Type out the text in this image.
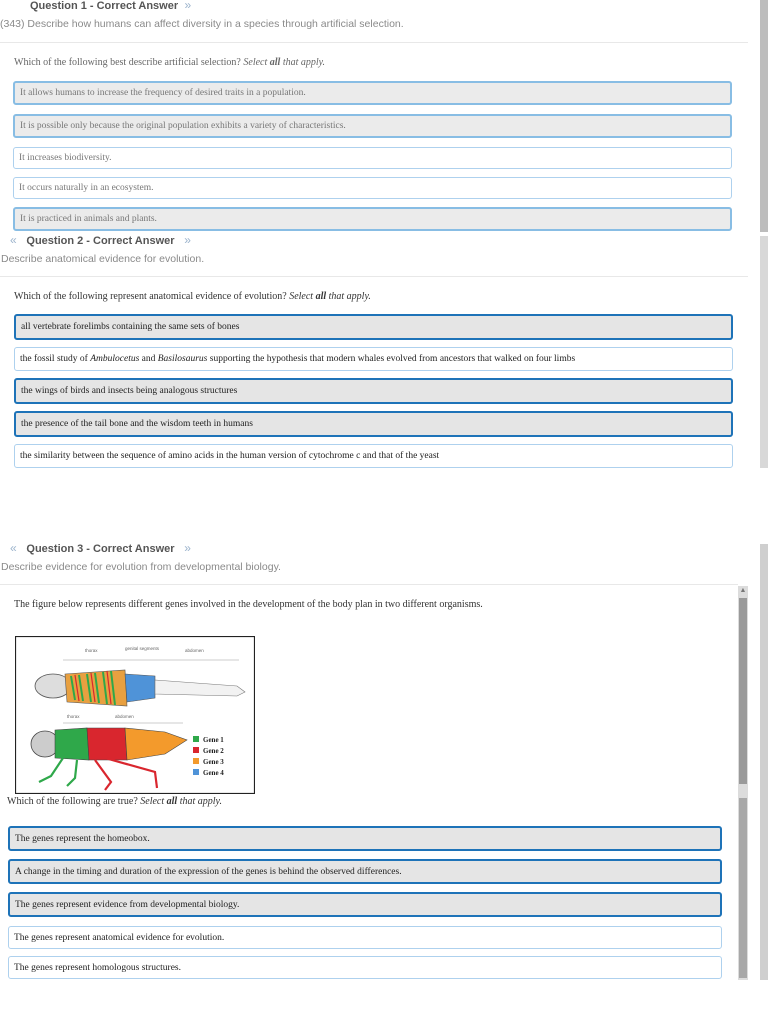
Question 1 - Correct Answer  »
(343) Describe how humans can affect diversity in a species through artificial selection.
Which of the following best describe artificial selection? Select all that apply.
It allows humans to increase the frequency of desired traits in a population.
It is possible only because the original population exhibits a variety of characteristics.
It increases biodiversity.
It occurs naturally in an ecosystem.
It is practiced in animals and plants.
«   Question 2 - Correct Answer   »
Describe anatomical evidence for evolution.
Which of the following represent anatomical evidence of evolution? Select all that apply.
all vertebrate forelimbs containing the same sets of bones
the fossil study of Ambulocetus and Basilosaurus supporting the hypothesis that modern whales evolved from ancestors that walked on four limbs
the wings of birds and insects being analogous structures
the presence of the tail bone and the wisdom teeth in humans
the similarity between the sequence of amino acids in the human version of cytochrome c and that of the yeast
«   Question 3 - Correct Answer   »
Describe evidence for evolution from developmental biology.
The figure below represents different genes involved in the development of the body plan in two different organisms.
thorax	genital segments	abdomen
thorax	abdomen
Gene 1
Gene 2
Gene 3
Gene 4
Which of the following are true? Select all that apply.
The genes represent the homeobox.
A change in the timing and duration of the expression of the genes is behind the observed differences.
The genes represent evidence from developmental biology.
The genes represent anatomical evidence for evolution.
The genes represent homologous structures.
▲
